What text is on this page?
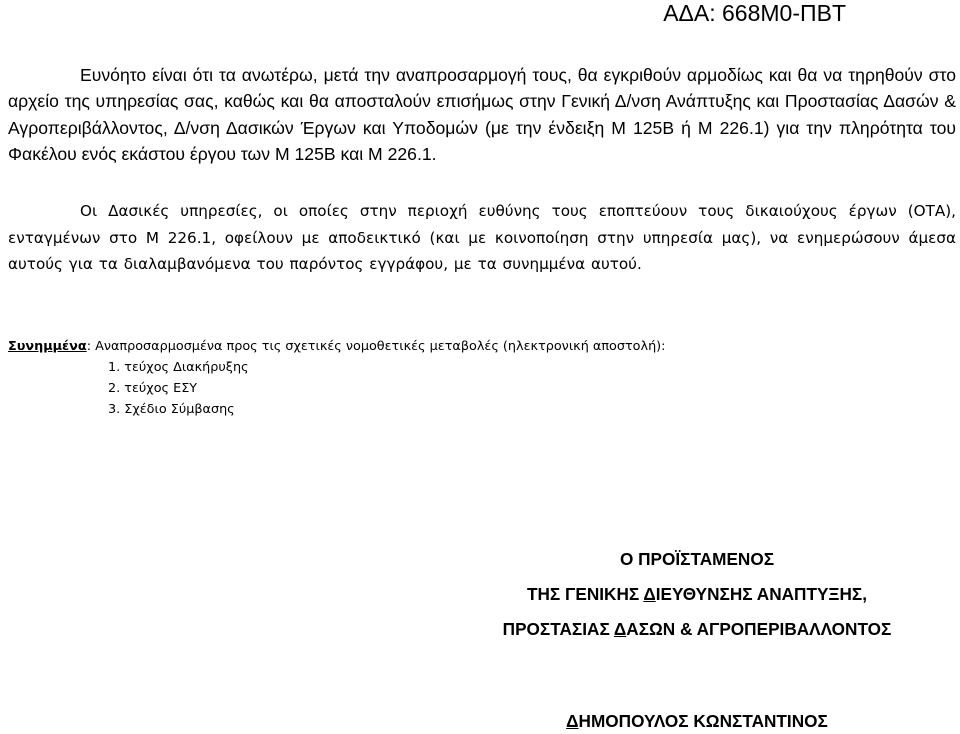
ΑΔΑ: 668Μ0-ΠΒΤ
Ευνόητο είναι ότι τα ανωτέρω, μετά την αναπροσαρμογή τους, θα εγκριθούν αρμοδίως και θα να τηρηθούν στο αρχείο της υπηρεσίας σας, καθώς και θα αποσταλούν επισήμως στην Γενική Δ/νση Ανάπτυξης και Προστασίας Δασών & Αγροπεριβάλλοντος, Δ/νση Δασικών Έργων και Υποδομών (με την ένδειξη Μ 125Β ή Μ 226.1) για την πληρότητα του Φακέλου ενός εκάστου έργου των Μ 125Β και Μ 226.1.
Οι Δασικές υπηρεσίες, οι οποίες στην περιοχή ευθύνης τους εποπτεύουν τους δικαιούχους έργων (ΟΤΑ), ενταγμένων στο Μ 226.1, οφείλουν με αποδεικτικό (και με κοινοποίηση στην υπηρεσία μας), να ενημερώσουν άμεσα αυτούς για τα διαλαμβανόμενα του παρόντος εγγράφου, με τα συνημμένα αυτού.
Συνημμένα: Αναπροσαρμοσμένα προς τις σχετικές νομοθετικές μεταβολές (ηλεκτρονική αποστολή):
1. τεύχος Διακήρυξης
2. τεύχος ΕΣΥ
3. Σχέδιο Σύμβασης
Ο ΠΡΟΪΣΤΑΜΕΝΟΣ
ΤΗΣ ΓΕΝΙΚΗΣ ΔΙΕΥΘΥΝΣΗΣ ΑΝΑΠΤΥΞΗΣ,
ΠΡΟΣΤΑΣΙΑΣ ΔΑΣΩΝ & ΑΓΡΟΠΕΡΙΒΑΛΛΟΝΤΟΣ
ΔΗΜΟΠΟΥΛΟΣ ΚΩΝΣΤΑΝΤΙΝΟΣ
